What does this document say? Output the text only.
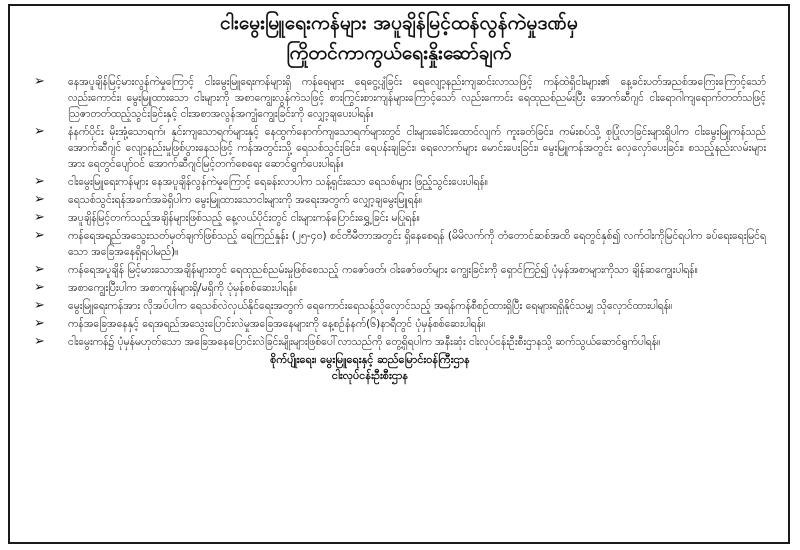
ငါးမွေးမြူရေးကန်များ အပူချိန်မြင့်ထန်လွန်ကဲမှုဒဏ်မှ
ကြိုတင်ကာကွယ်ရေးနှိုးဆော်ချက်
➢	နေအပူချိန်မြင့်မားလွန်ကဲမှုကြောင့် ငါးမွေးမြူရေးကန်များရှိ ကန်ရေများ ရေငွေ့ပျံခြင်း ရေလျော့နည်းကျဆင်းလာသဖြင့် ကန်ထဲရှိငါးများ၏ နေ့ခင်းပတ်အညစ်အကြေးကြောင့်သော် လည်းကောင်း၊ မွေးမြူထားသော ငါးများကို အစာကျွေးလွန်ကဲသဖြင့် စားကြွင်းစားကျန်များကြောင့်သော် လည်းကောင်း ရေထုညစ်ညမ်းပြီး အောက်ဆီဂျင် ငါးရောဂါကျရောက်တတ်သဖြင့် ဩဇာတတ်ထည့်သွင်းခြင်းနှင့် ငါးအစာအလွန်အကျွံကျွေးခြင်းကို လျှော့ချပေးပါရန်။
➢	နံနက်ပိုင်း မိုးအုံ့သောရက်၊ နှင်းကျသောရက်များနှင့် နေထွက်နောက်ကျသောရက်များတွင် ငါးများခေါင်းထောင်လျက် ကူးခတ်ခြင်း၊ ကမ်းစပ်သို့ စုပြုံလာခြင်းများရှိပါက ငါးမွေးမြူကန်သည် အောက်ဆီဂျင် လျော့နည်းမှုဖြစ်ပွားနေသဖြင့် ကန်အတွင်းသို့ ရေသစ်သွင်းခြင်း၊ ရေပန်းချခြင်း၊ ရေလောက်များ မောင်းပေးခြင်း၊ မွေးမြူကန်အတွင်း လှေလှော်ပေးခြင်း၊ စသည့်နည်းလမ်းများအား ရေတွင်ပျော်ဝင် အောက်ဆီဂျင်မြင့်တက်စေရေး ဆောင်ရွက်ပေးပါရန်။
➢	ငါးမွေးမြူရေးကန်များ နေအပူချိန်လွန်ကဲမှုကြောင့် ရေခန်းလာပါက သန့်ရှင်းသော ရေသစ်များ ဖြည့်သွင်းပေးပါရန်။
➢	ရေသစ်သွင်းရန်အခက်အခဲရှိပါက မွေးမြူထားသောငါးများကို အရေးအတွက် လျှော့ချမွေးမြူရန်။
➢	အပူချိန်မြင့်တက်သည့်အချိန်များဖြစ်သည့် နေ့လယ်ပိုင်းတွင် ငါးများကန်ပြောင်းရွှေ့ခြင်း မပြုရန်။
➢	ကန်ရေအရည်အသွေးသတ်မှတ်ချက်ဖြစ်သည့် ရေကြည်နှုန်း (၂၅-၄၀) စင်တီမီတာအတွင်း ရှိနေစေရန် (မိမိလက်ကို တံတောင်ဆစ်အထိ ရေတွင်နှစ်၍ လက်ဝါးကိုမြင်ရပါက ခပ်ရေးရေးမြင်ရသော အခြေအနေရှိရပါမည်)။
➢	ကန်ရေအပူချိန် မြင့်မားသောအချိန်များတွင် ရေထုညစ်ညမ်းမှုဖြစ်စေသည့် ကဇော်ဖတ်၊ ဝါးဇော်ဖတ်များ ကျွေးခြင်းကို ရှောင်ကြဉ်၍ ပုံမှန်အစာများကိုသာ ချိန်ဆကျွေးပါရန်။
➢	အစာကျွေးပြီးပါက အစာကျန်များရှိ/မရှိကို ပုံမှန်စစ်ဆေးပါရန်။
➢	မွေးမြူရေးကန်အား လိုအပ်ပါက ရေသစ်လဲလှယ်နိုင်ရေးအတွက် ရေကောင်းရေသန့်သိုလှောင်သည့် အရန်ကန်စီစဉ်ထားရှိပြီး ရေများရရှိနိုင်သမျှ သိုလှောင်ထားပါရန်။
➢	ကန်အခြေအနေနှင့် ရေအရည်အသွေးပြောင်းလဲမှုအခြေအနေများကို နေ့စဉ်နံနက်(၆)နာရီတွင် ပုံမှန်စစ်ဆေးပါရန်။
➢	ငါးမွေးကန်၌ ပုံမှန်မဟုတ်သော အခြေအနေပြောင်းလဲခြင်းမျိုးများဖြစ်ပေါ်လာသည်ကို တွေ့ရှိရပါက အနီးဆုံး ငါးလုပ်ငန်းဦးစီးဌာနသို့ ဆက်သွယ်ဆောင်ရွက်ပါရန်။
စိုက်ပျိုးရေး၊ မွေးမြူရေးနှင့် ဆည်မြောင်းဝန်ကြီးဌာန
ငါးလုပ်ငန်းဦးစီးဌာန
